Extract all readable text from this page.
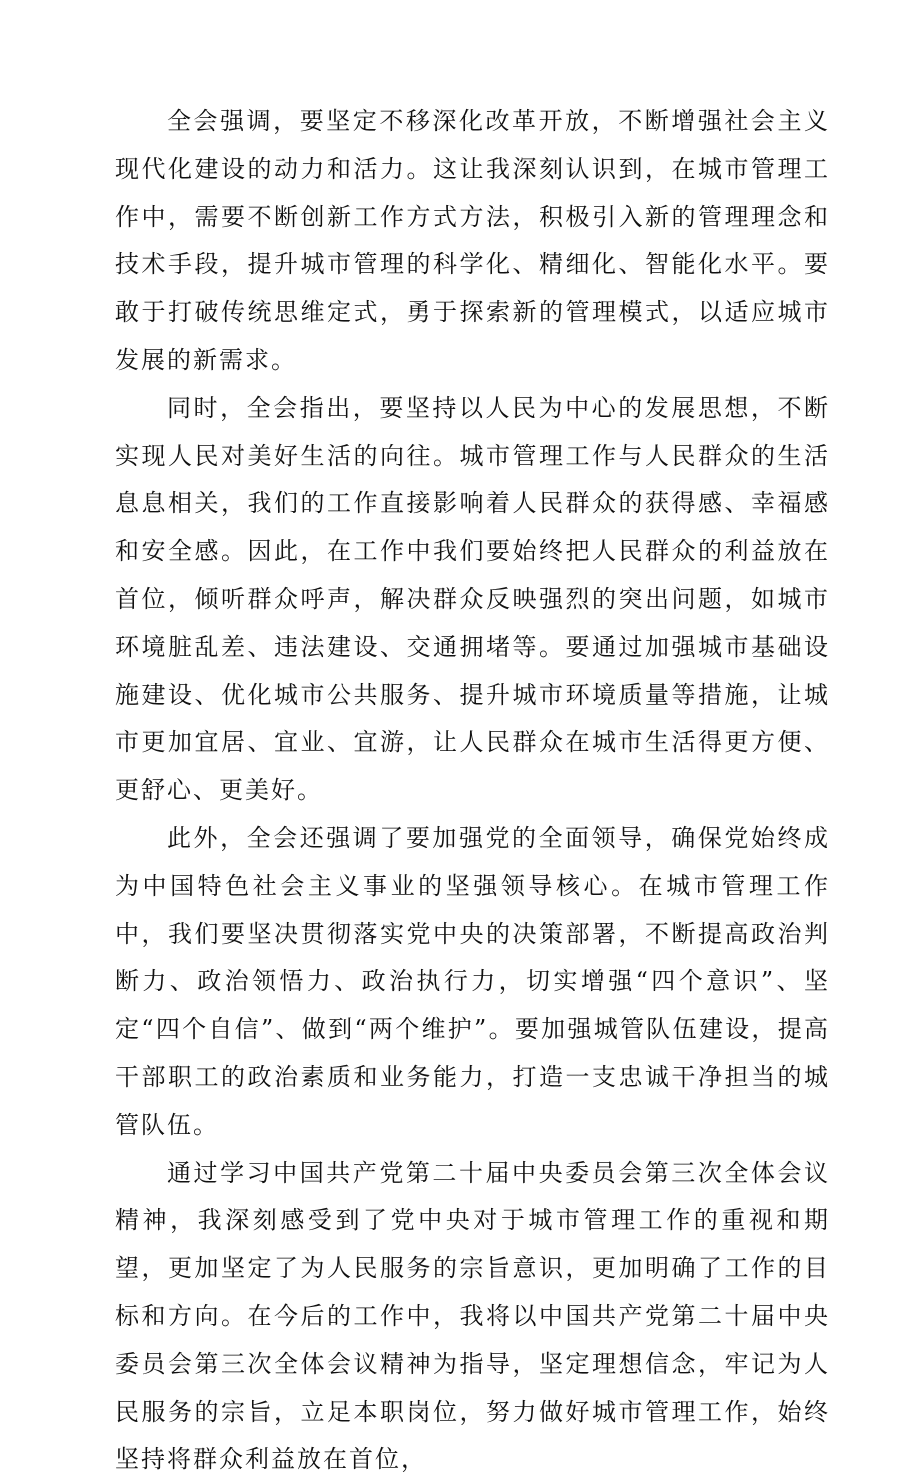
全会强调，要坚定不移深化改革开放，不断增强社会主义现代化建设的动力和活力。这让我深刻认识到，在城市管理工作中，需要不断创新工作方式方法，积极引入新的管理理念和技术手段，提升城市管理的科学化、精细化、智能化水平。要敢于打破传统思维定式，勇于探索新的管理模式，以适应城市发展的新需求。

同时，全会指出，要坚持以人民为中心的发展思想，不断实现人民对美好生活的向往。城市管理工作与人民群众的生活息息相关，我们的工作直接影响着人民群众的获得感、幸福感和安全感。因此，在工作中我们要始终把人民群众的利益放在首位，倾听群众呼声，解决群众反映强烈的突出问题，如城市环境脏乱差、违法建设、交通拥堵等。要通过加强城市基础设施建设、优化城市公共服务、提升城市环境质量等措施，让城市更加宜居、宜业、宜游，让人民群众在城市生活得更方便、更舒心、更美好。

此外，全会还强调了要加强党的全面领导，确保党始终成为中国特色社会主义事业的坚强领导核心。在城市管理工作中，我们要坚决贯彻落实党中央的决策部署，不断提高政治判断力、政治领悟力、政治执行力，切实增强“四个意识”、坚定“四个自信”、做到“两个维护”。要加强城管队伍建设，提高干部职工的政治素质和业务能力，打造一支忠诚干净担当的城管队伍。

通过学习中国共产党第二十届中央委员会第三次全体会议精神，我深刻感受到了党中央对于城市管理工作的重视和期望，更加坚定了为人民服务的宗旨意识，更加明确了工作的目标和方向。在今后的工作中，我将以中国共产党第二十届中央委员会第三次全体会议精神为指导，坚定理想信念，牢记为人民服务的宗旨，立足本职岗位，努力做好城市管理工作，始终坚持将群众利益放在首位，
